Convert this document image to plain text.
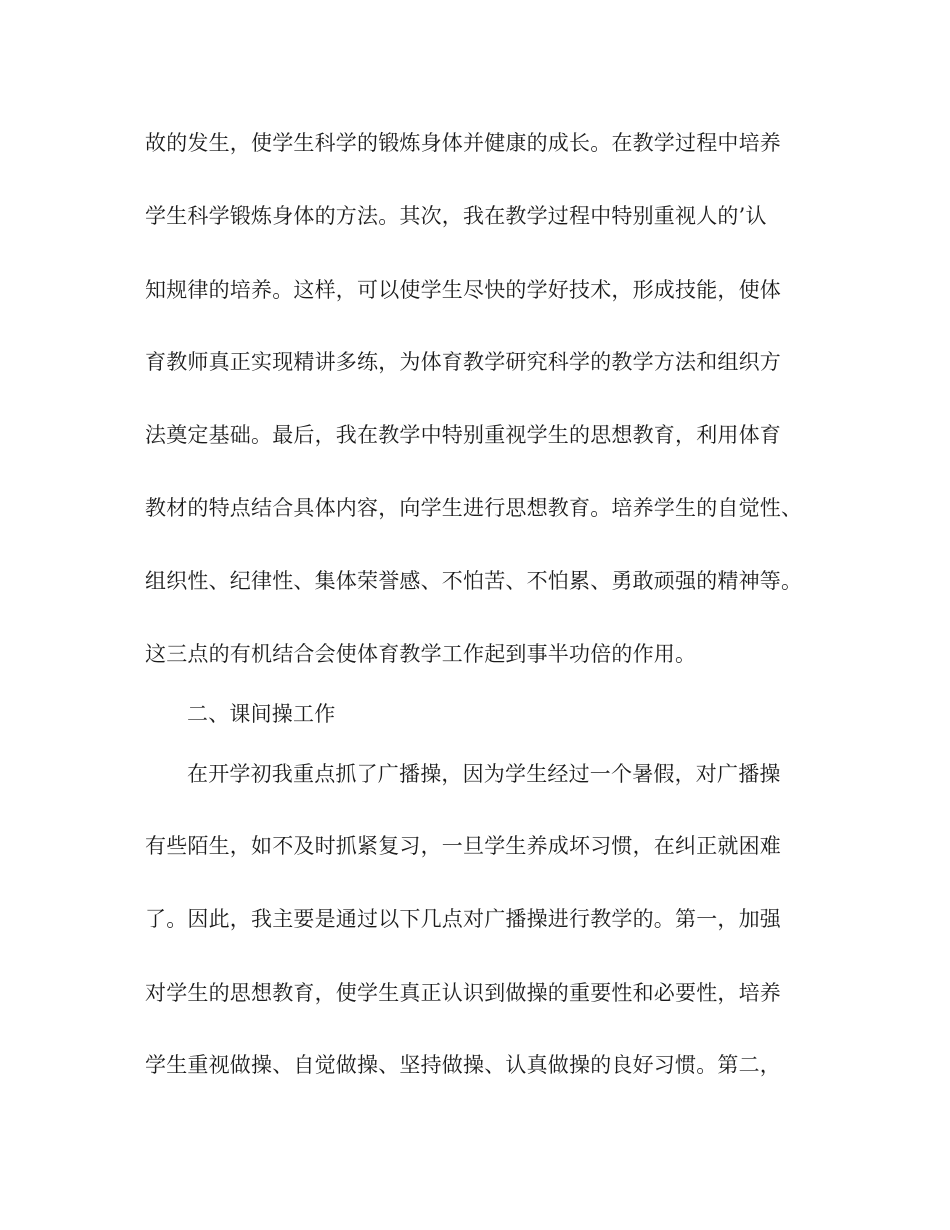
故的发生，使学生科学的锻炼身体并健康的成长。在教学过程中培养
学生科学锻炼身体的方法。其次，我在教学过程中特别重视人的’认
知规律的培养。这样，可以使学生尽快的学好技术，形成技能，使体
育教师真正实现精讲多练，为体育教学研究科学的教学方法和组织方
法奠定基础。最后，我在教学中特别重视学生的思想教育，利用体育
教材的特点结合具体内容，向学生进行思想教育。培养学生的自觉性、
组织性、纪律性、集体荣誉感、不怕苦、不怕累、勇敢顽强的精神等。
这三点的有机结合会使体育教学工作起到事半功倍的作用。
二、课间操工作
在开学初我重点抓了广播操，因为学生经过一个暑假，对广播操
有些陌生，如不及时抓紧复习，一旦学生养成坏习惯，在纠正就困难
了。因此，我主要是通过以下几点对广播操进行教学的。第一，加强
对学生的思想教育，使学生真正认识到做操的重要性和必要性，培养
学生重视做操、自觉做操、坚持做操、认真做操的良好习惯。第二，
